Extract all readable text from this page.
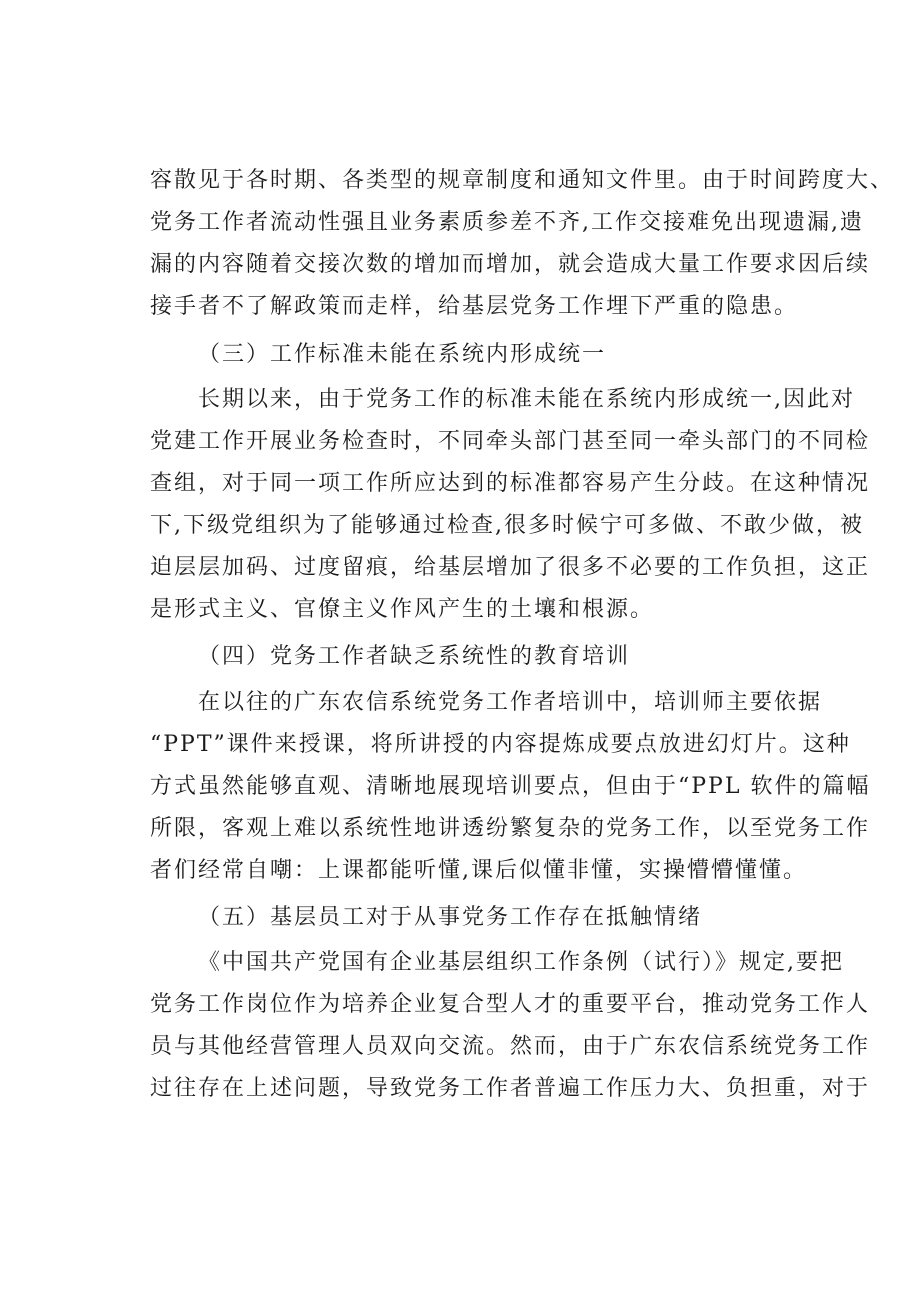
容散见于各时期、各类型的规章制度和通知文件里。由于时间跨度大、
党务工作者流动性强且业务素质参差不齐,工作交接难免出现遗漏,遗
漏的内容随着交接次数的增加而增加，就会造成大量工作要求因后续
接手者不了解政策而走样，给基层党务工作埋下严重的隐患。
（三）工作标准未能在系统内形成统一
长期以来，由于党务工作的标准未能在系统内形成统一,因此对
党建工作开展业务检查时，不同牵头部门甚至同一牵头部门的不同检
查组，对于同一项工作所应达到的标准都容易产生分歧。在这种情况
下,下级党组织为了能够通过检查,很多时候宁可多做、不敢少做，被
迫层层加码、过度留痕，给基层增加了很多不必要的工作负担，这正
是形式主义、官僚主义作风产生的土壤和根源。
（四）党务工作者缺乏系统性的教育培训
在以往的广东农信系统党务工作者培训中，培训师主要依据
“PPT”课件来授课，将所讲授的内容提炼成要点放进幻灯片。这种
方式虽然能够直观、清晰地展现培训要点，但由于“PPL 软件的篇幅
所限，客观上难以系统性地讲透纷繁复杂的党务工作，以至党务工作
者们经常自嘲：上课都能听懂,课后似懂非懂，实操懵懵懂懂。
（五）基层员工对于从事党务工作存在抵触情绪
《中国共产党国有企业基层组织工作条例（试行）》规定,要把
党务工作岗位作为培养企业复合型人才的重要平台，推动党务工作人
员与其他经营管理人员双向交流。然而，由于广东农信系统党务工作
过往存在上述问题，导致党务工作者普遍工作压力大、负担重，对于
